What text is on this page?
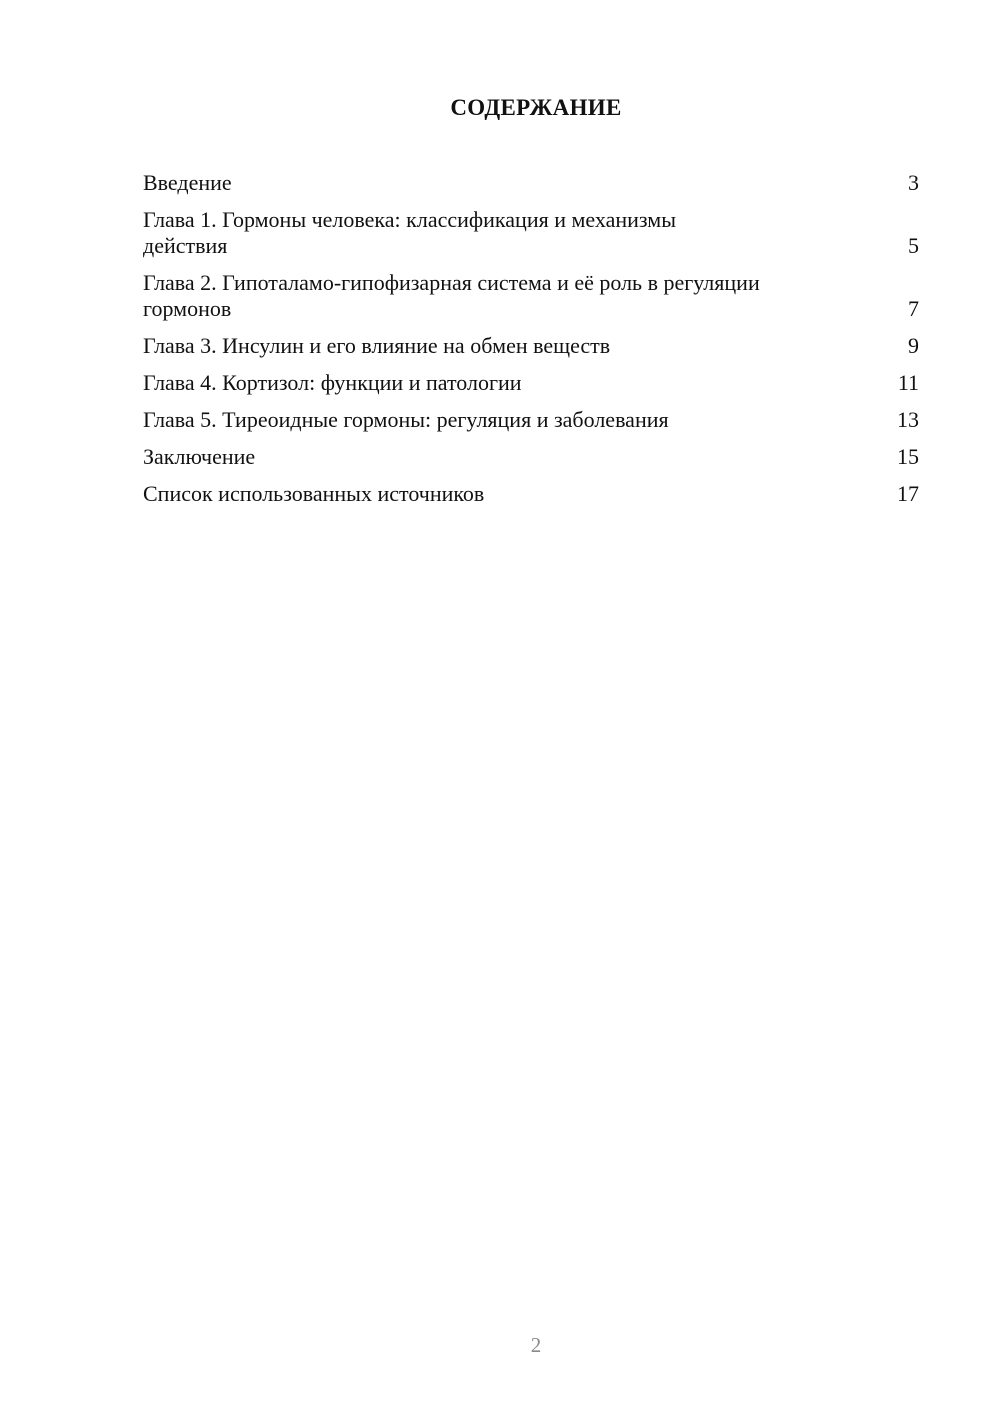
СОДЕРЖАНИЕ
Введение	3
Глава 1. Гормоны человека: классификация и механизмы действия	5
Глава 2. Гипоталамо-гипофизарная система и её роль в регуляции гормонов	7
Глава 3. Инсулин и его влияние на обмен веществ	9
Глава 4. Кортизол: функции и патологии	11
Глава 5. Тиреоидные гормоны: регуляция и заболевания	13
Заключение	15
Список использованных источников	17

2
